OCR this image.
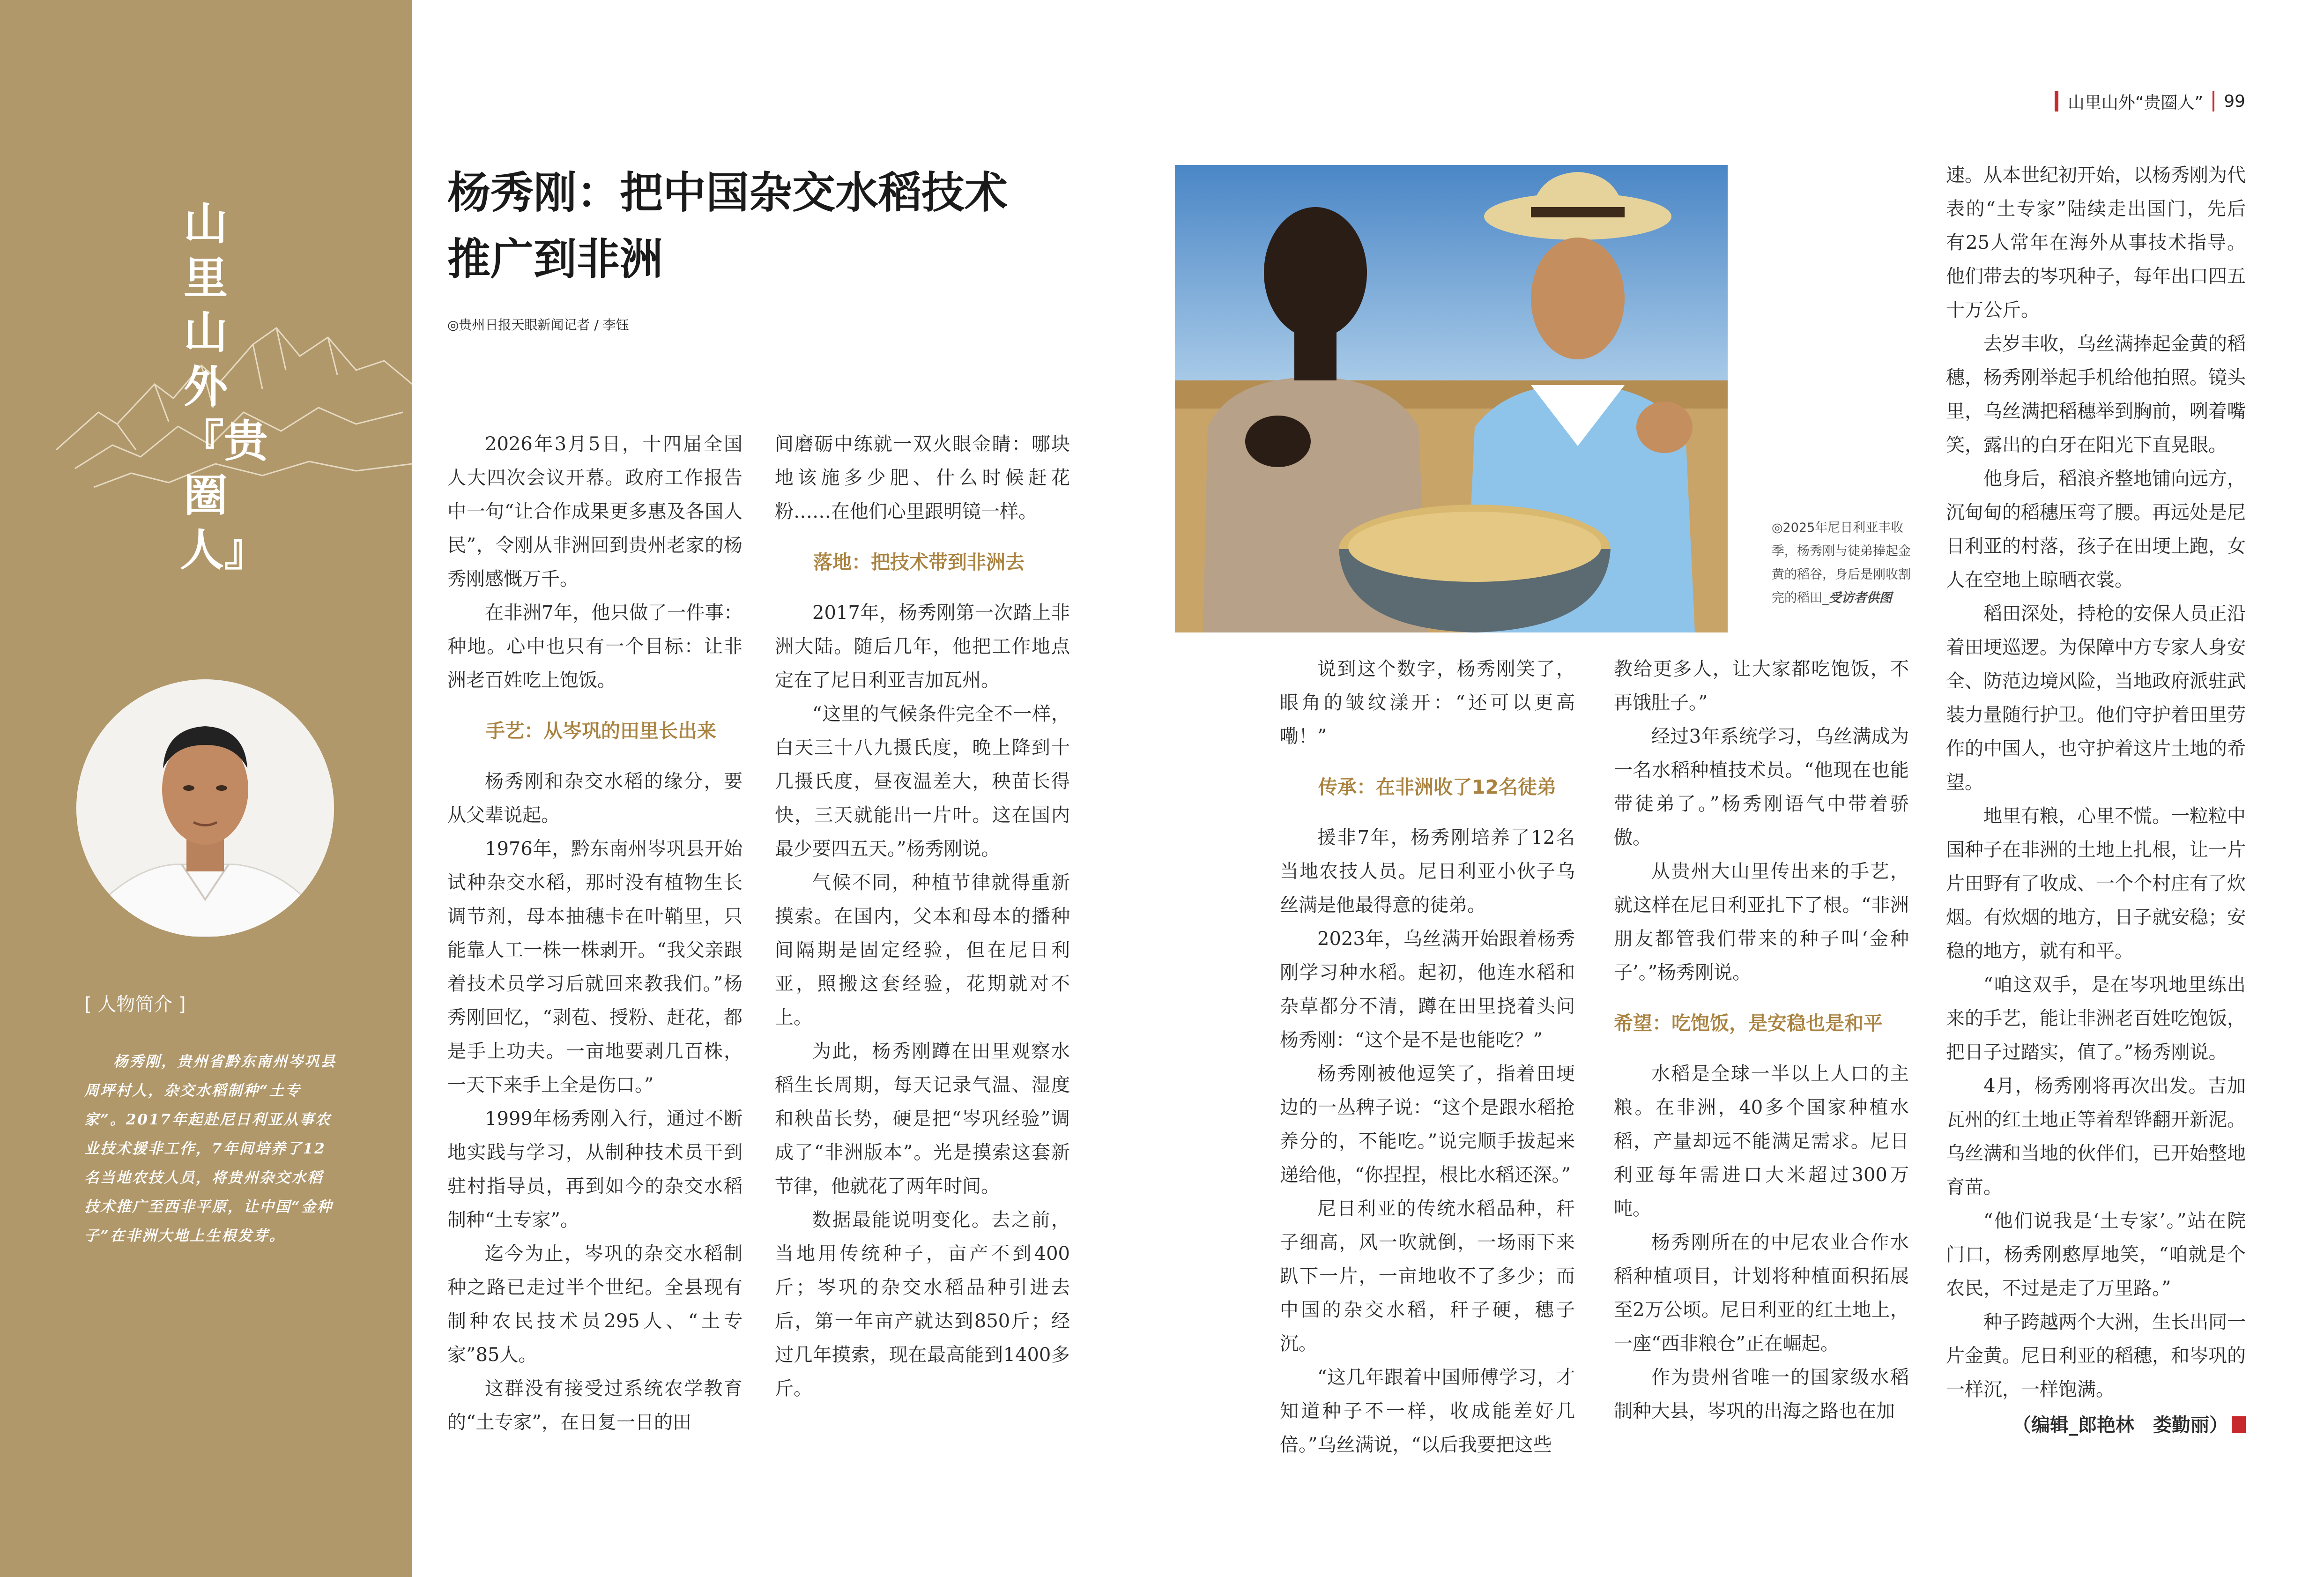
山里山外『贵圈人』
[ 人物简介 ]
杨秀刚，贵州省黔东南州岑巩县周坪村人，杂交水稻制种“土专家”。2017年起赴尼日利亚从事农业技术援非工作，7年间培养了12名当地农技人员，将贵州杂交水稻技术推广至西非平原，让中国“金种子”在非洲大地上生根发芽。
山里山外“贵圈人” 99
杨秀刚：把中国杂交水稻技术
推广到非洲
◎贵州日报天眼新闻记者 / 李钰
◎2025年尼日利亚丰收季，杨秀刚与徒弟捧起金黄的稻谷，身后是刚收割完的稻田_受访者供图

2026年3月5日，十四届全国人大四次会议开幕。政府工作报告中一句“让合作成果更多惠及各国人民”，令刚从非洲回到贵州老家的杨秀刚感慨万千。

在非洲7年，他只做了一件事：种地。心中也只有一个目标：让非洲老百姓吃上饱饭。

手艺：从岑巩的田里长出来

杨秀刚和杂交水稻的缘分，要从父辈说起。

1976年，黔东南州岑巩县开始试种杂交水稻，那时没有植物生长调节剂，母本抽穗卡在叶鞘里，只能靠人工一株一株剥开。“我父亲跟着技术员学习后就回来教我们。”杨秀刚回忆，“剥苞、授粉、赶花，都是手上功夫。一亩地要剥几百株，一天下来手上全是伤口。”

1999年杨秀刚入行，通过不断地实践与学习，从制种技术员干到驻村指导员，再到如今的杂交水稻制种“土专家”。

迄今为止，岑巩的杂交水稻制种之路已走过半个世纪。全县现有制种农民技术员295人、“土专家”85人。

这群没有接受过系统农学教育的“土专家”，在日复一日的田

间磨砺中练就一双火眼金睛：哪块地该施多少肥、什么时候赶花粉……在他们心里跟明镜一样。

落地：把技术带到非洲去

2017年，杨秀刚第一次踏上非洲大陆。随后几年，他把工作地点定在了尼日利亚吉加瓦州。

“这里的气候条件完全不一样，白天三十八九摄氏度，晚上降到十几摄氏度，昼夜温差大，秧苗长得快，三天就能出一片叶。这在国内最少要四五天。”杨秀刚说。

气候不同，种植节律就得重新摸索。在国内，父本和母本的播种间隔期是固定经验，但在尼日利亚，照搬这套经验，花期就对不上。

为此，杨秀刚蹲在田里观察水稻生长周期，每天记录气温、湿度和秧苗长势，硬是把“岑巩经验”调成了“非洲版本”。光是摸索这套新节律，他就花了两年时间。

数据最能说明变化。去之前，当地用传统种子，亩产不到400斤；岑巩的杂交水稻品种引进去后，第一年亩产就达到850斤；经过几年摸索，现在最高能到1400多斤。

说到这个数字，杨秀刚笑了，眼角的皱纹漾开：“还可以更高嘞！”

传承：在非洲收了12名徒弟

援非7年，杨秀刚培养了12名当地农技人员。尼日利亚小伙子乌丝满是他最得意的徒弟。

2023年，乌丝满开始跟着杨秀刚学习种水稻。起初，他连水稻和杂草都分不清，蹲在田里挠着头问杨秀刚：“这个是不是也能吃？”

杨秀刚被他逗笑了，指着田埂边的一丛稗子说：“这个是跟水稻抢养分的，不能吃。”说完顺手拔起来递给他，“你捏捏，根比水稻还深。”

尼日利亚的传统水稻品种，秆子细高，风一吹就倒，一场雨下来趴下一片，一亩地收不了多少；而中国的杂交水稻，秆子硬，穗子沉。

“这几年跟着中国师傅学习，才知道种子不一样，收成能差好几倍。”乌丝满说，“以后我要把这些

教给更多人，让大家都吃饱饭，不再饿肚子。”

经过3年系统学习，乌丝满成为一名水稻种植技术员。“他现在也能带徒弟了。”杨秀刚语气中带着骄傲。

从贵州大山里传出来的手艺，就这样在尼日利亚扎下了根。“非洲朋友都管我们带来的种子叫‘金种子’。”杨秀刚说。

希望：吃饱饭，是安稳也是和平

水稻是全球一半以上人口的主粮。在非洲，40多个国家种植水稻，产量却远不能满足需求。尼日利亚每年需进口大米超过300万吨。

杨秀刚所在的中尼农业合作水稻种植项目，计划将种植面积拓展至2万公顷。尼日利亚的红土地上，一座“西非粮仓”正在崛起。

作为贵州省唯一的国家级水稻制种大县，岑巩的出海之路也在加

速。从本世纪初开始，以杨秀刚为代表的“土专家”陆续走出国门，先后有25人常年在海外从事技术指导。他们带去的岑巩种子，每年出口四五十万公斤。

去岁丰收，乌丝满捧起金黄的稻穗，杨秀刚举起手机给他拍照。镜头里，乌丝满把稻穗举到胸前，咧着嘴笑，露出的白牙在阳光下直晃眼。

他身后，稻浪齐整地铺向远方，沉甸甸的稻穗压弯了腰。再远处是尼日利亚的村落，孩子在田埂上跑，女人在空地上晾晒衣裳。

稻田深处，持枪的安保人员正沿着田埂巡逻。为保障中方专家人身安全、防范边境风险，当地政府派驻武装力量随行护卫。他们守护着田里劳作的中国人，也守护着这片土地的希望。

地里有粮，心里不慌。一粒粒中国种子在非洲的土地上扎根，让一片片田野有了收成、一个个村庄有了炊烟。有炊烟的地方，日子就安稳；安稳的地方，就有和平。

“咱这双手，是在岑巩地里练出来的手艺，能让非洲老百姓吃饱饭，把日子过踏实，值了。”杨秀刚说。

4月，杨秀刚将再次出发。吉加瓦州的红土地正等着犁铧翻开新泥。乌丝满和当地的伙伴们，已开始整地育苗。

“他们说我是‘土专家’。”站在院门口，杨秀刚憨厚地笑，“咱就是个农民，不过是走了万里路。”

种子跨越两个大洲，生长出同一片金黄。尼日利亚的稻穗，和岑巩的一样沉，一样饱满。

（编辑_郎艳林　娄勤丽）
